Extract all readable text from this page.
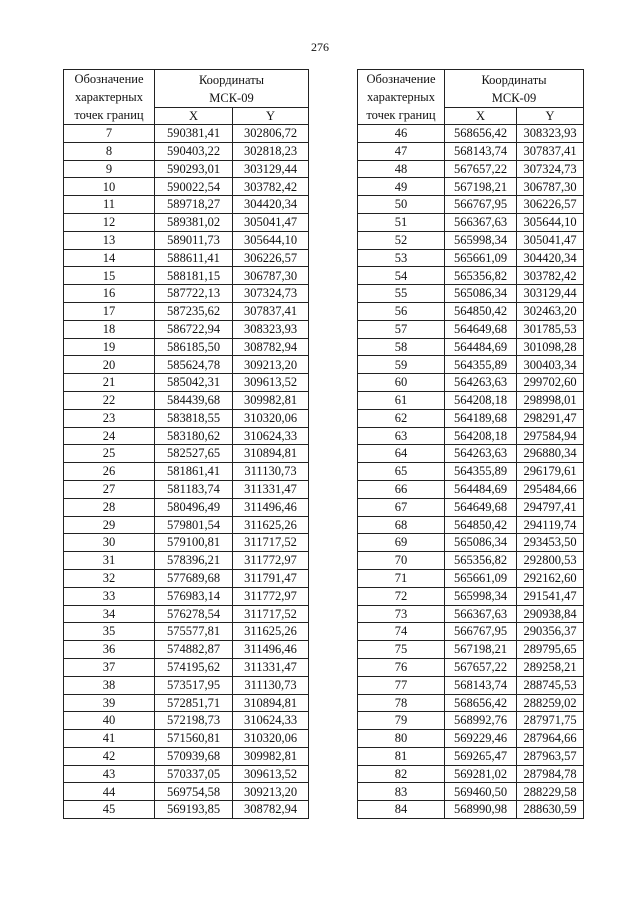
276
Обозначение
характерных
точек границ	Координаты
МСК-09	
	X	Y
7	590381,41	302806,72
8	590403,22	302818,23
9	590293,01	303129,44
10	590022,54	303782,42
11	589718,27	304420,34
12	589381,02	305041,47
13	589011,73	305644,10
14	588611,41	306226,57
15	588181,15	306787,30
16	587722,13	307324,73
17	587235,62	307837,41
18	586722,94	308323,93
19	586185,50	308782,94
20	585624,78	309213,20
21	585042,31	309613,52
22	584439,68	309982,81
23	583818,55	310320,06
24	583180,62	310624,33
25	582527,65	310894,81
26	581861,41	311130,73
27	581183,74	311331,47
28	580496,49	311496,46
29	579801,54	311625,26
30	579100,81	311717,52
31	578396,21	311772,97
32	577689,68	311791,47
33	576983,14	311772,97
34	576278,54	311717,52
35	575577,81	311625,26
36	574882,87	311496,46
37	574195,62	311331,47
38	573517,95	311130,73
39	572851,71	310894,81
40	572198,73	310624,33
41	571560,81	310320,06
42	570939,68	309982,81
43	570337,05	309613,52
44	569754,58	309213,20
45	569193,85	308782,94
Обозначение
характерных
точек границ	Координаты
МСК-09	
	X	Y
46	568656,42	308323,93
47	568143,74	307837,41
48	567657,22	307324,73
49	567198,21	306787,30
50	566767,95	306226,57
51	566367,63	305644,10
52	565998,34	305041,47
53	565661,09	304420,34
54	565356,82	303782,42
55	565086,34	303129,44
56	564850,42	302463,20
57	564649,68	301785,53
58	564484,69	301098,28
59	564355,89	300403,34
60	564263,63	299702,60
61	564208,18	298998,01
62	564189,68	298291,47
63	564208,18	297584,94
64	564263,63	296880,34
65	564355,89	296179,61
66	564484,69	295484,66
67	564649,68	294797,41
68	564850,42	294119,74
69	565086,34	293453,50
70	565356,82	292800,53
71	565661,09	292162,60
72	565998,34	291541,47
73	566367,63	290938,84
74	566767,95	290356,37
75	567198,21	289795,65
76	567657,22	289258,21
77	568143,74	288745,53
78	568656,42	288259,02
79	568992,76	287971,75
80	569229,46	287964,66
81	569265,47	287963,57
82	569281,02	287984,78
83	569460,50	288229,58
84	568990,98	288630,59
